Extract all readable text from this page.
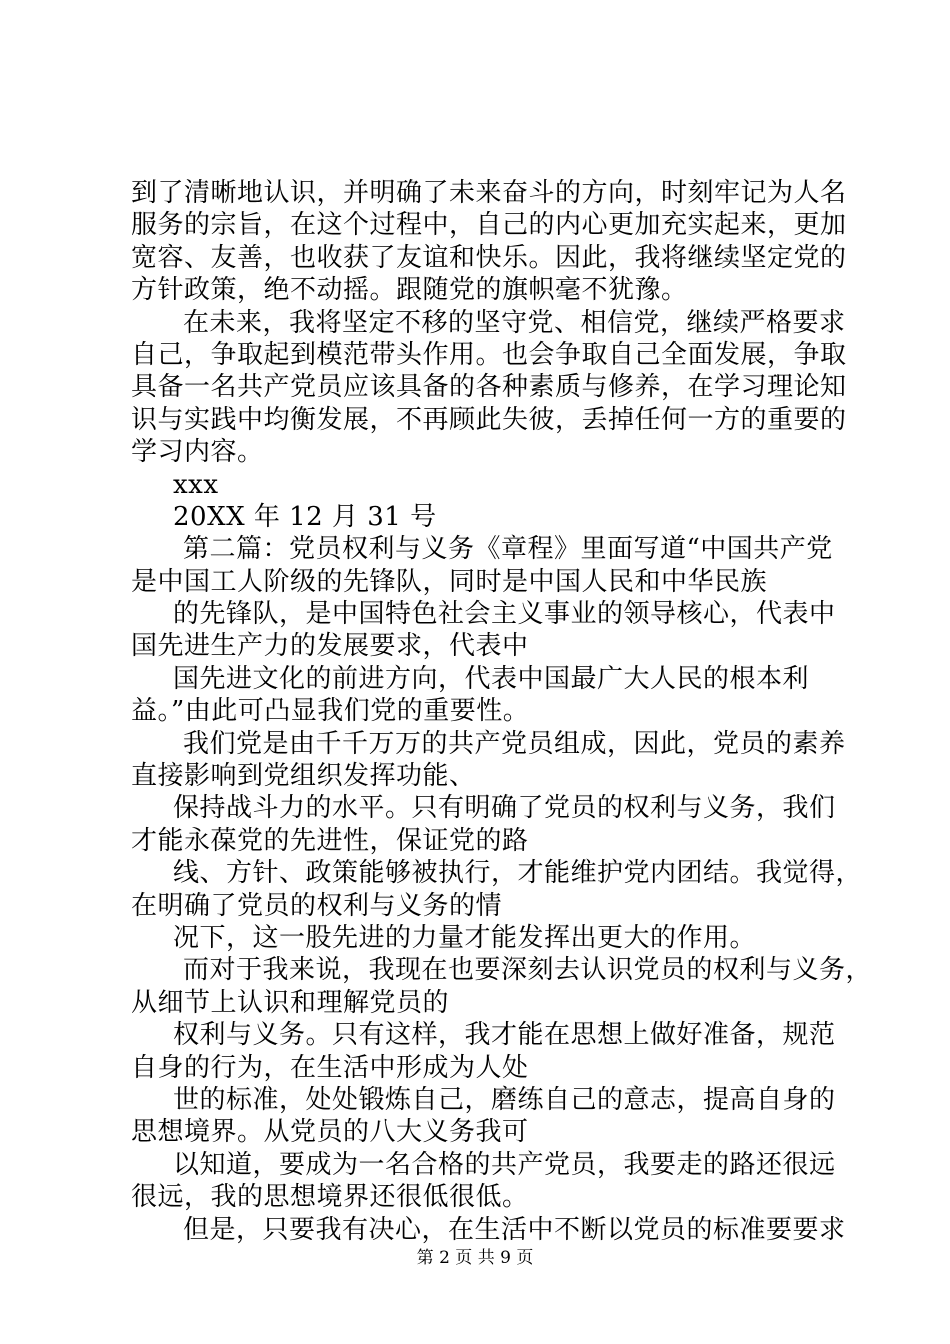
到了清晰地认识，并明确了未来奋斗的方向，时刻牢记为人名
服务的宗旨，在这个过程中，自己的内心更加充实起来，更加
宽容、友善，也收获了友谊和快乐。因此，我将继续坚定党的
方针政策，绝不动摇。跟随党的旗帜毫不犹豫。
在未来，我将坚定不移的坚守党、相信党，继续严格要求
自己，争取起到模范带头作用。也会争取自己全面发展，争取
具备一名共产党员应该具备的各种素质与修养，在学习理论知
识与实践中均衡发展，不再顾此失彼，丢掉任何一方的重要的
学习内容。
xxx
20XX 年 12 月 31 号
第二篇：党员权利与义务《章程》里面写道“中国共产党
是中国工人阶级的先锋队，同时是中国人民和中华民族
的先锋队，是中国特色社会主义事业的领导核心，代表中
国先进生产力的发展要求，代表中
国先进文化的前进方向，代表中国最广大人民的根本利
益。”由此可凸显我们党的重要性。
我们党是由千千万万的共产党员组成，因此，党员的素养
直接影响到党组织发挥功能、
保持战斗力的水平。只有明确了党员的权利与义务，我们
才能永葆党的先进性，保证党的路
线、方针、政策能够被执行，才能维护党内团结。我觉得，
在明确了党员的权利与义务的情
况下，这一股先进的力量才能发挥出更大的作用。
而对于我来说，我现在也要深刻去认识党员的权利与义务，
从细节上认识和理解党员的
权利与义务。只有这样，我才能在思想上做好准备，规范
自身的行为，在生活中形成为人处
世的标准，处处锻炼自己，磨练自己的意志，提高自身的
思想境界。从党员的八大义务我可
以知道，要成为一名合格的共产党员，我要走的路还很远
很远，我的思想境界还很低很低。
但是，只要我有决心，在生活中不断以党员的标准要要求
第 2 页 共 9 页
